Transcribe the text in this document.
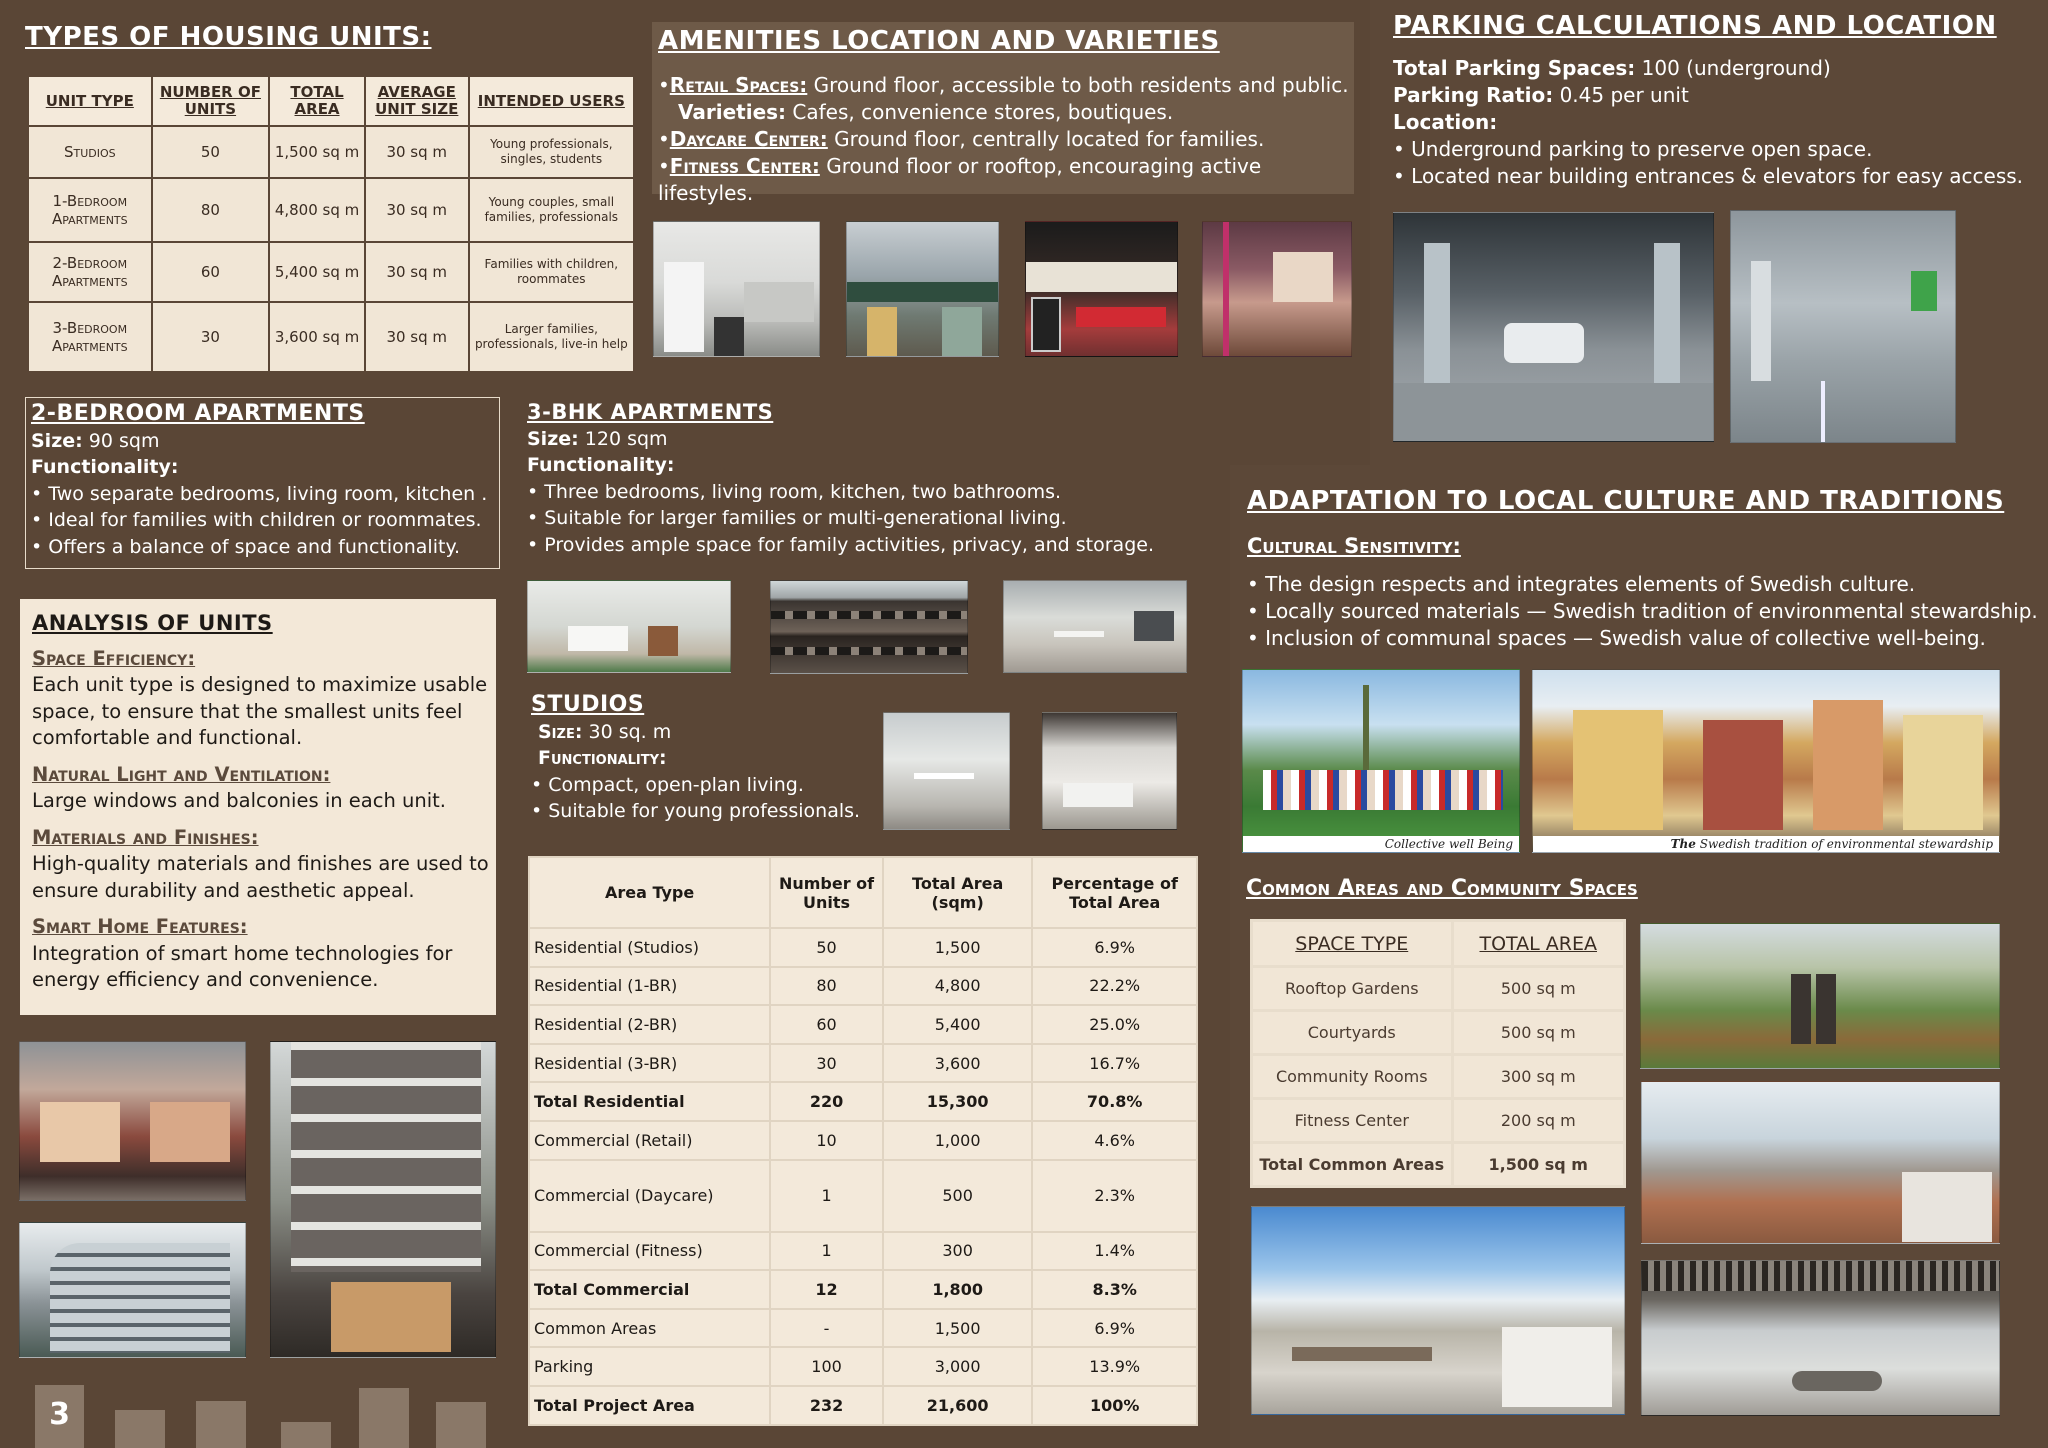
TYPES OF HOUSING UNITS:
UNIT TYPE	NUMBER OF UNITS	TOTAL AREA	AVERAGE UNIT SIZE	INTENDED USERS
Studios	50	1,500 sq m	30 sq m	Young professionals, singles, students
1-Bedroom Apartments	80	4,800 sq m	30 sq m	Young couples, small families, professionals
2-Bedroom Apartments	60	5,400 sq m	30 sq m	Families with children, roommates
3-Bedroom Apartments	30	3,600 sq m	30 sq m	Larger families, professionals, live-in help
AMENITIES LOCATION AND VARIETIES
•Retail Spaces: Ground floor, accessible to both residents and public.
Varieties: Cafes, convenience stores, boutiques.
•Daycare Center: Ground floor, centrally located for families.
•Fitness Center: Ground floor or rooftop, encouraging active lifestyles.
PARKING CALCULATIONS AND LOCATION
Total Parking Spaces: 100 (underground)
Parking Ratio: 0.45 per unit
Location:
• Underground parking to preserve open space.
• Located near building entrances & elevators for easy access.
2-BEDROOM APARTMENTS
Size: 90 sqm
Functionality:
• Two separate bedrooms, living room, kitchen .
• Ideal for families with children or roommates.
• Offers a balance of space and functionality.
3-BHK APARTMENTS
Size: 120 sqm
Functionality:
• Three bedrooms, living room, kitchen, two bathrooms.
• Suitable for larger families or multi-generational living.
• Provides ample space for family activities, privacy, and storage.
STUDIOS
Size: 30 sq. m
Functionality:
• Compact, open-plan living.
• Suitable for young professionals.
ANALYSIS OF UNITS
Space Efficiency:
Each unit type is designed to maximize usable space, to ensure that the smallest units feel comfortable and functional.
Natural Light and Ventilation:
Large windows and balconies in each unit.
Materials and Finishes:
High-quality materials and finishes are used to ensure durability and aesthetic appeal.
Smart Home Features:
Integration of smart home technologies for energy efficiency and convenience.
3
Area Type	Number of Units	Total Area (sqm)	Percentage of Total Area
Residential (Studios)	50	1,500	6.9%
Residential (1-BR)	80	4,800	22.2%
Residential (2-BR)	60	5,400	25.0%
Residential (3-BR)	30	3,600	16.7%
Total Residential	220	15,300	70.8%
Commercial (Retail)	10	1,000	4.6%
Commercial (Daycare)	1	500	2.3%
Commercial (Fitness)	1	300	1.4%
Total Commercial	12	1,800	8.3%
Common Areas	-	1,500	6.9%
Parking	100	3,000	13.9%
Total Project Area	232	21,600	100%
ADAPTATION TO LOCAL CULTURE AND TRADITIONS
Cultural Sensitivity:
• The design respects and integrates elements of Swedish culture.
• Locally sourced materials — Swedish tradition of environmental stewardship.
• Inclusion of communal spaces — Swedish value of collective well-being.
Collective well Being	The Swedish tradition of environmental stewardship
Common Areas and Community Spaces
SPACE TYPE	TOTAL AREA
Rooftop Gardens	500 sq m
Courtyards	500 sq m
Community Rooms	300 sq m
Fitness Center	200 sq m
Total Common Areas	1,500 sq m
